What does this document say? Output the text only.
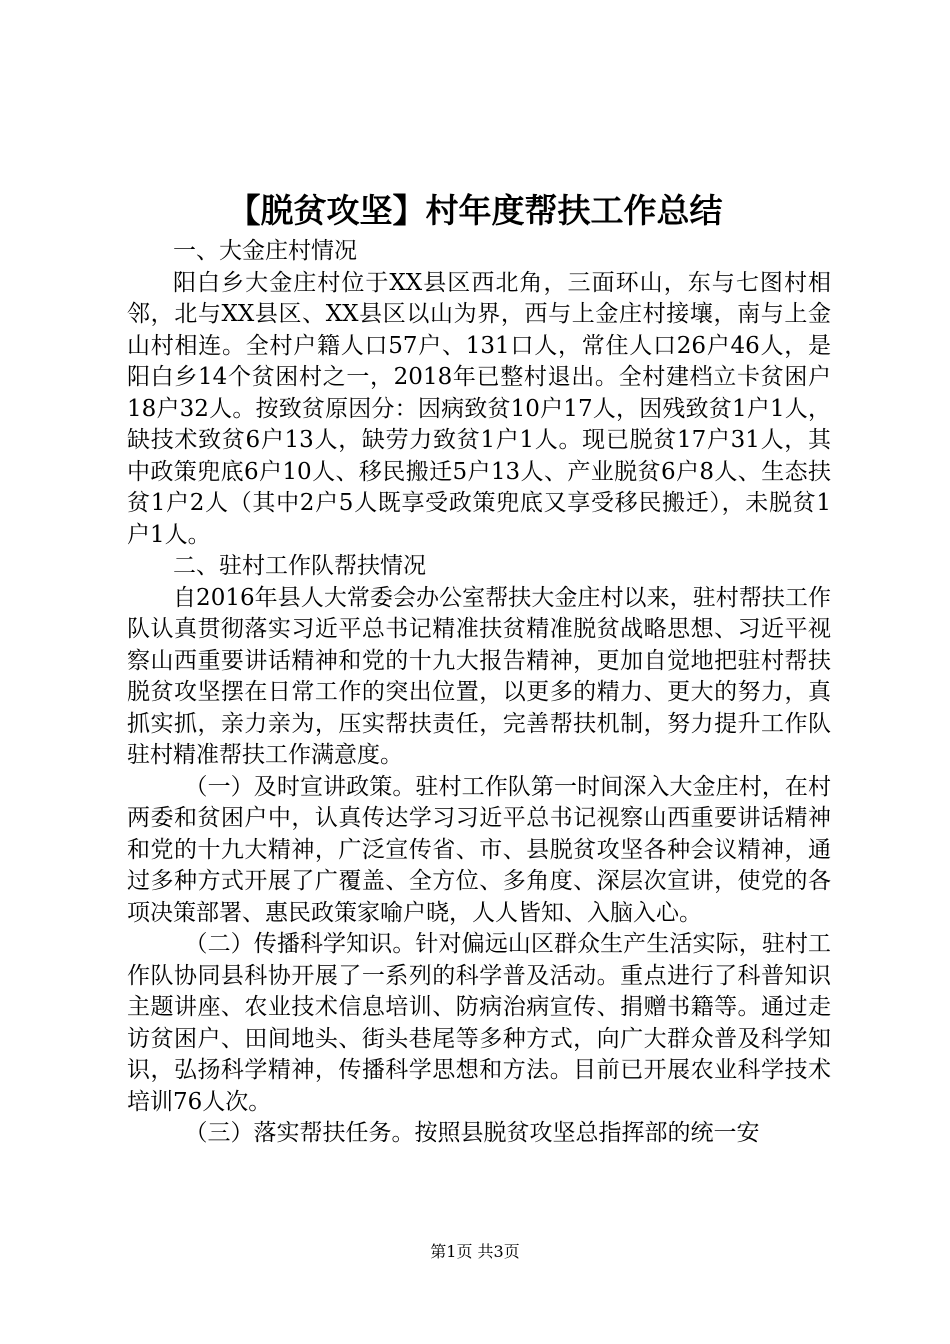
【脱贫攻坚】村年度帮扶工作总结

一、大金庄村情况

阳白乡大金庄村位于XX县区西北角，三面环山，东与七图村相邻，北与XX县区、XX县区以山为界，西与上金庄村接壤，南与上金山村相连。全村户籍人口57户、131口人，常住人口26户46人，是阳白乡14个贫困村之一，2018年已整村退出。全村建档立卡贫困户18户32人。按致贫原因分：因病致贫10户17人，因残致贫1户1人，缺技术致贫6户13人，缺劳力致贫1户1人。现已脱贫17户31人，其中政策兜底6户10人、移民搬迁5户13人、产业脱贫6户8人、生态扶贫1户2人（其中2户5人既享受政策兜底又享受移民搬迁），未脱贫1户1人。

二、驻村工作队帮扶情况

自2016年县人大常委会办公室帮扶大金庄村以来，驻村帮扶工作队认真贯彻落实习近平总书记精准扶贫精准脱贫战略思想、习近平视察山西重要讲话精神和党的十九大报告精神，更加自觉地把驻村帮扶脱贫攻坚摆在日常工作的突出位置，以更多的精力、更大的努力，真抓实抓，亲力亲为，压实帮扶责任，完善帮扶机制，努力提升工作队驻村精准帮扶工作满意度。

（一）及时宣讲政策。驻村工作队第一时间深入大金庄村，在村两委和贫困户中，认真传达学习习近平总书记视察山西重要讲话精神和党的十九大精神，广泛宣传省、市、县脱贫攻坚各种会议精神，通过多种方式开展了广覆盖、全方位、多角度、深层次宣讲，使党的各项决策部署、惠民政策家喻户晓，人人皆知、入脑入心。

（二）传播科学知识。针对偏远山区群众生产生活实际，驻村工作队协同县科协开展了一系列的科学普及活动。重点进行了科普知识主题讲座、农业技术信息培训、防病治病宣传、捐赠书籍等。通过走访贫困户、田间地头、街头巷尾等多种方式，向广大群众普及科学知识，弘扬科学精神，传播科学思想和方法。目前已开展农业科学技术培训76人次。

（三）落实帮扶任务。按照县脱贫攻坚总指挥部的统一安

第1页 共3页
